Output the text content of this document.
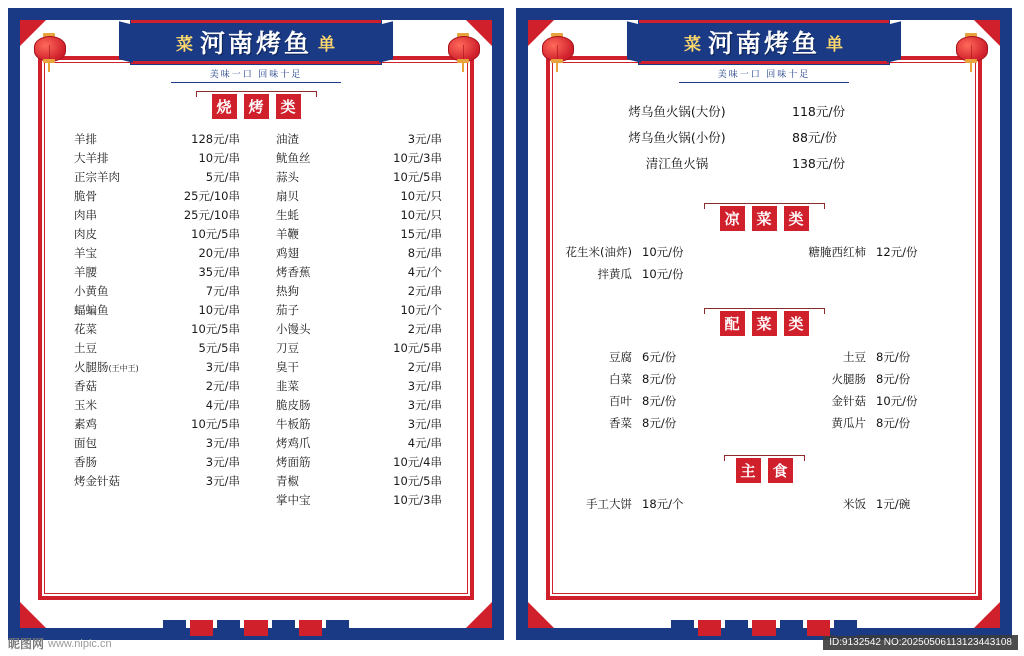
菜 河南烤鱼 单
美味一口 回味十足
烧	烤	类
羊排	128元/串
大羊排	10元/串
正宗羊肉	5元/串
脆骨	25元/10串
肉串	25元/10串
肉皮	10元/5串
羊宝	20元/串
羊腰	35元/串
小黄鱼	7元/串
蝠蝙鱼	10元/串
花菜	10元/5串
土豆	5元/5串
火腿肠(王中王)	3元/串
香菇	2元/串
玉米	4元/串
素鸡	10元/5串
面包	3元/串
香肠	3元/串
烤金针菇	3元/串
油渣	3元/串
鱿鱼丝	10元/3串
蒜头	10元/5串
扇贝	10元/只
生蚝	10元/只
羊鞭	15元/串
鸡翅	8元/串
烤香蕉	4元/个
热狗	2元/串
茄子	10元/个
小馒头	2元/串
刀豆	10元/5串
臭干	2元/串
韭菜	3元/串
脆皮肠	3元/串
牛板筋	3元/串
烤鸡爪	4元/串
烤面筋	10元/4串
青椒	10元/5串
掌中宝	10元/3串
菜 河南烤鱼 单
美味一口 回味十足
烤乌鱼火锅(大份)	118元/份
烤乌鱼火锅(小份)	88元/份
清江鱼火锅	138元/份
凉	菜	类
花生米(油炸) 10元/份	糖腌西红柿 12元/份
拌黄瓜 10元/份
配	菜	类
豆腐 6元/份	土豆 8元/份
白菜 8元/份	火腿肠 8元/份
百叶 8元/份	金针菇 10元/份
香菜 8元/份	黄瓜片 8元/份
主	食
手工大饼 18元/个	米饭 1元/碗
昵图网 www.nipic.cn	ID:9132542 NO:20250506113123443108
